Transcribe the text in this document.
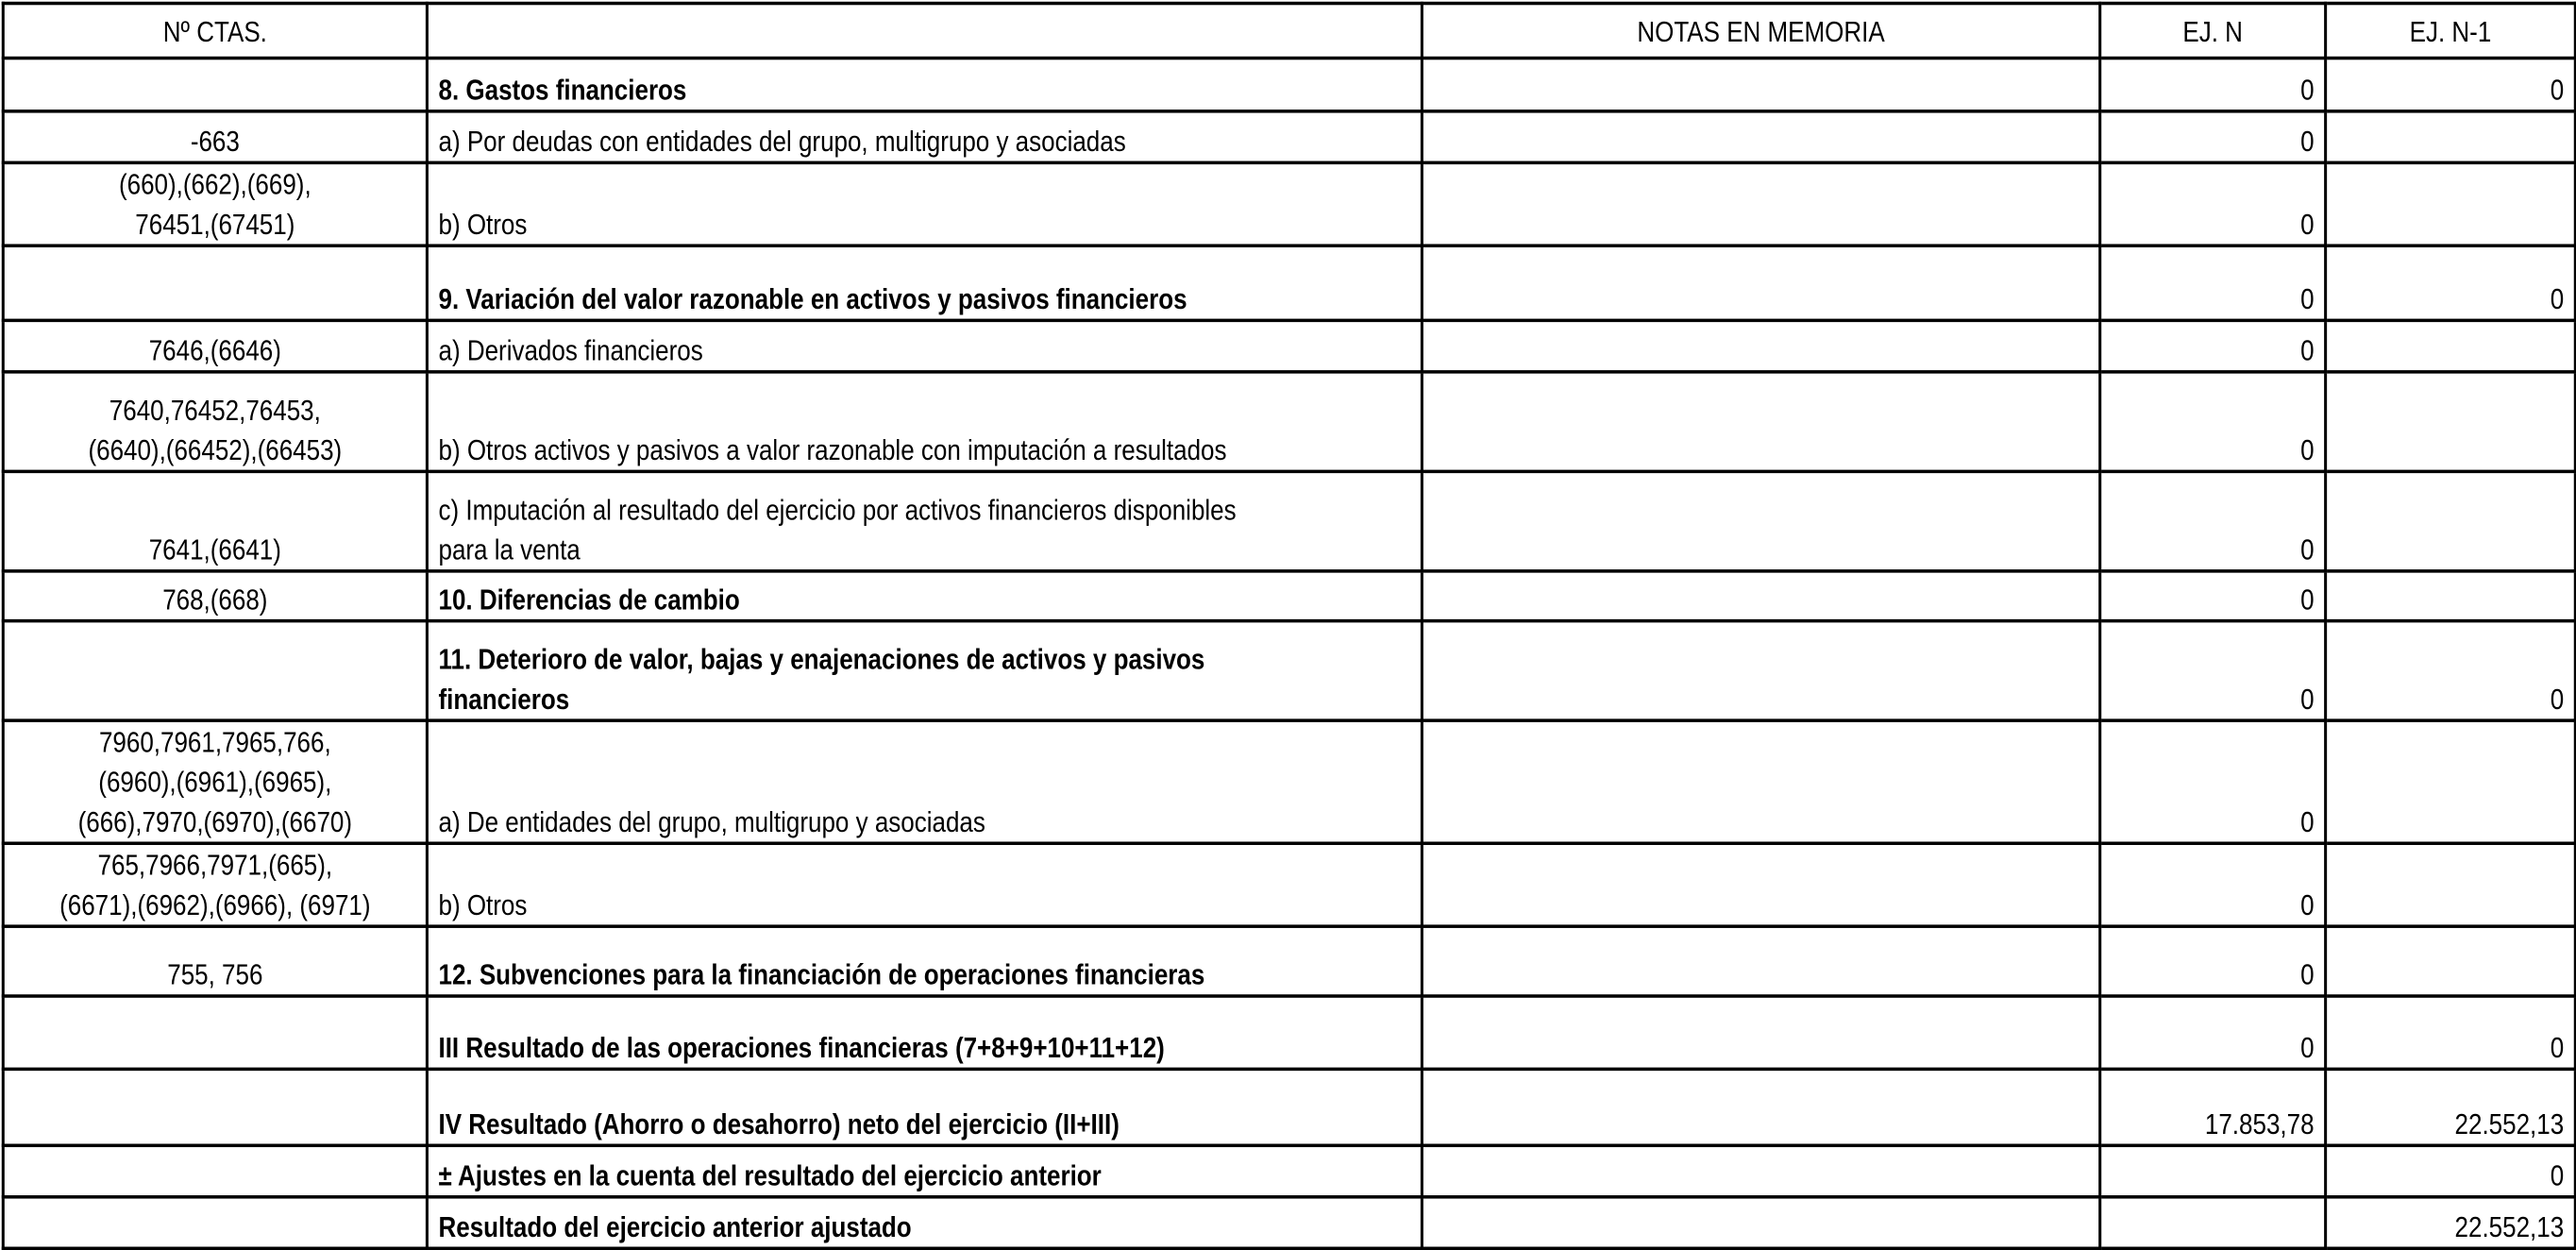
Nº CTAS.		NOTAS EN MEMORIA	EJ. N	EJ. N-1
	8. Gastos financieros		0	0
-663	a) Por deudas con entidades del grupo, multigrupo y asociadas		0	
(660),(662),(669),
76451,(67451)	b) Otros		0	
	9. Variación del valor razonable en activos y pasivos financieros		0	0
7646,(6646)	a) Derivados financieros		0	
7640,76452,76453,
(6640),(66452),(66453)	b) Otros activos y pasivos a valor razonable con imputación a resultados		0	
7641,(6641)	c) Imputación al resultado del ejercicio por activos financieros disponibles
para la venta		0	
768,(668)	10. Diferencias de cambio		0	
	11. Deterioro de valor, bajas y enajenaciones de activos y pasivos
financieros		0	0
7960,7961,7965,766,
(6960),(6961),(6965),
(666),7970,(6970),(6670)	a) De entidades del grupo, multigrupo y asociadas		0	
765,7966,7971,(665),
(6671),(6962),(6966), (6971)	b) Otros		0	
755, 756	12. Subvenciones para la financiación de operaciones financieras		0	
	III Resultado de las operaciones financieras (7+8+9+10+11+12)		0	0
	IV Resultado (Ahorro o desahorro) neto del ejercicio (II+III)		17.853,78	22.552,13
	± Ajustes en la cuenta del resultado del ejercicio anterior			0
	Resultado del ejercicio anterior ajustado			22.552,13
